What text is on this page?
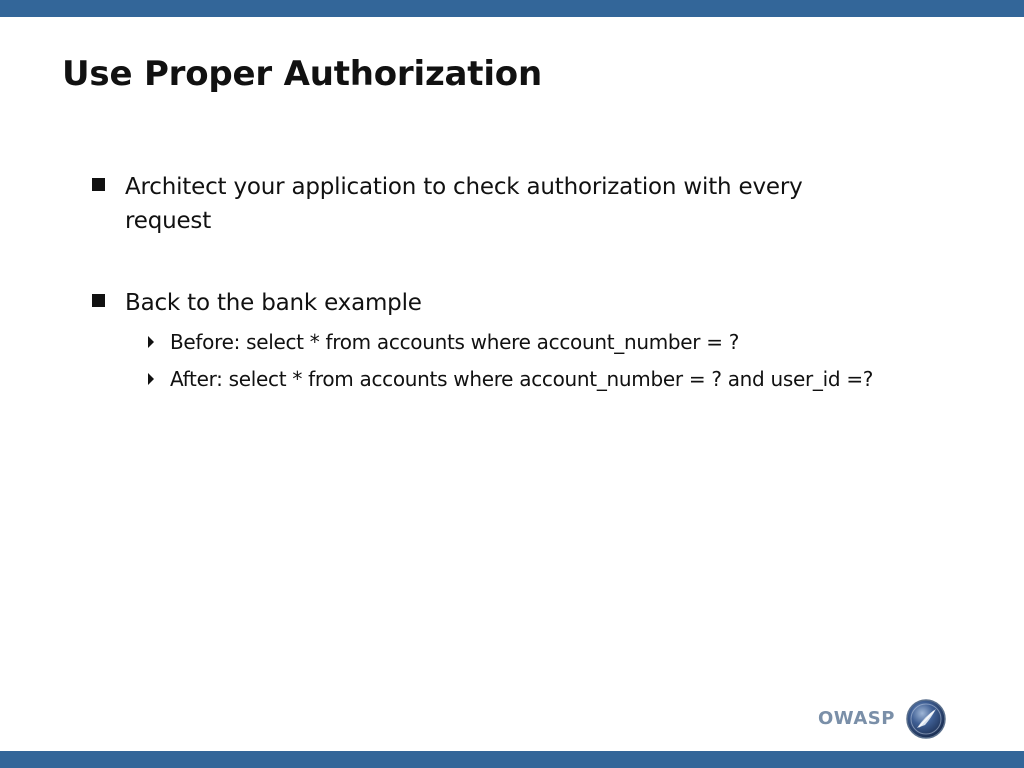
Use Proper Authorization
Architect your application to check authorization with every request
Back to the bank example
Before: select * from accounts where account_number = ?
After: select * from accounts where account_number = ? and user_id =?
OWASP
